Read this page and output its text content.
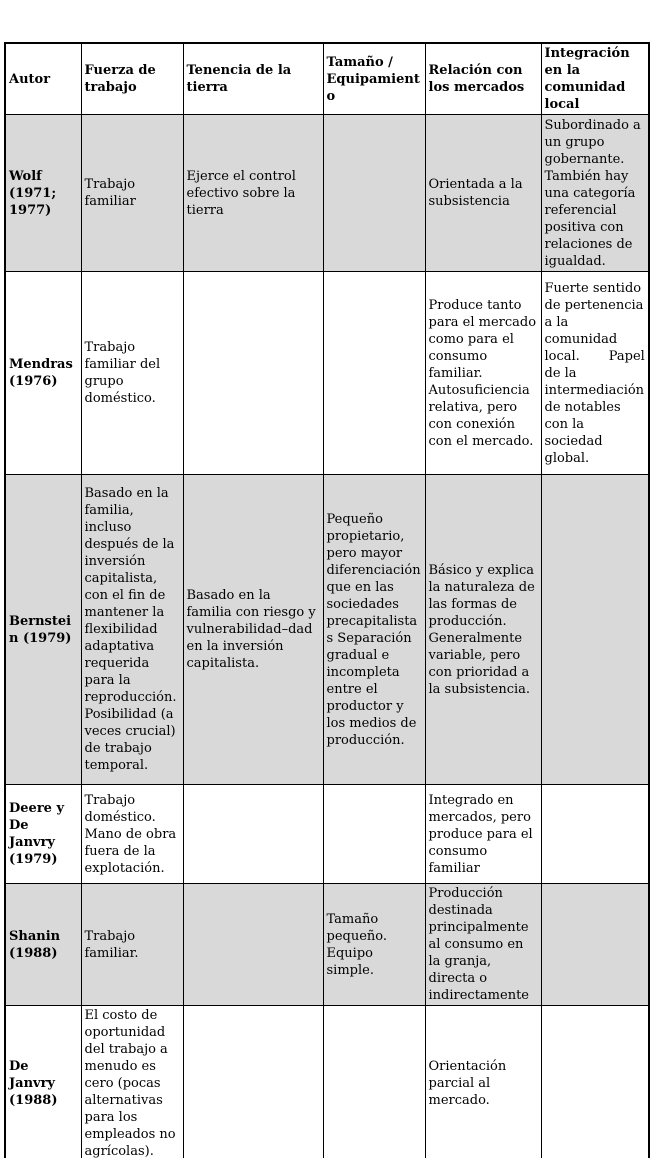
Autor	Fuerza de trabajo	Tenencia de la tierra	Tamaño / Equipamiento	Relación con los mercados	Integración en la comunidad local
Wolf (1971; 1977)	Trabajo familiar	Ejerce el control efectivo sobre la tierra		Orientada a la subsistencia	Subordinado a un grupo gobernante. También hay una categoría referencial positiva con relaciones de igualdad.
Mendras (1976)	Trabajo familiar del grupo doméstico.			Produce tanto para el mercado como para el consumo familiar. Autosuficiencia relativa, pero con conexión con el mercado.	Fuerte sentido de pertenencia a la comunidad local.       Papel de la intermediación de notables con la sociedad global.
Bernstein (1979)	Basado en la familia, incluso después de la inversión capitalista, con el fin de mantener la flexibilidad adaptativa requerida para la reproducción. Posibilidad (a veces crucial) de trabajo temporal.	Basado en la familia con riesgo y vulnerabilidad–dad en la inversión capitalista.	Pequeño propietario, pero mayor diferenciación que en las sociedades precapitalistas Separación gradual e incompleta entre el productor y los medios de producción.	Básico y explica la naturaleza de las formas de producción. Generalmente variable, pero con prioridad a la subsistencia.	
Deere y De Janvry (1979)	Trabajo doméstico. Mano de obra fuera de la explotación.			Integrado en mercados, pero produce para el consumo familiar	
Shanin (1988)	Trabajo familiar.		Tamaño pequeño. Equipo simple.	Producción destinada principalmente al consumo en la granja, directa o indirectamente	
De Janvry (1988)	El costo de oportunidad del trabajo a menudo es cero (pocas alternativas para los empleados no agrícolas).			Orientación parcial al mercado.	
